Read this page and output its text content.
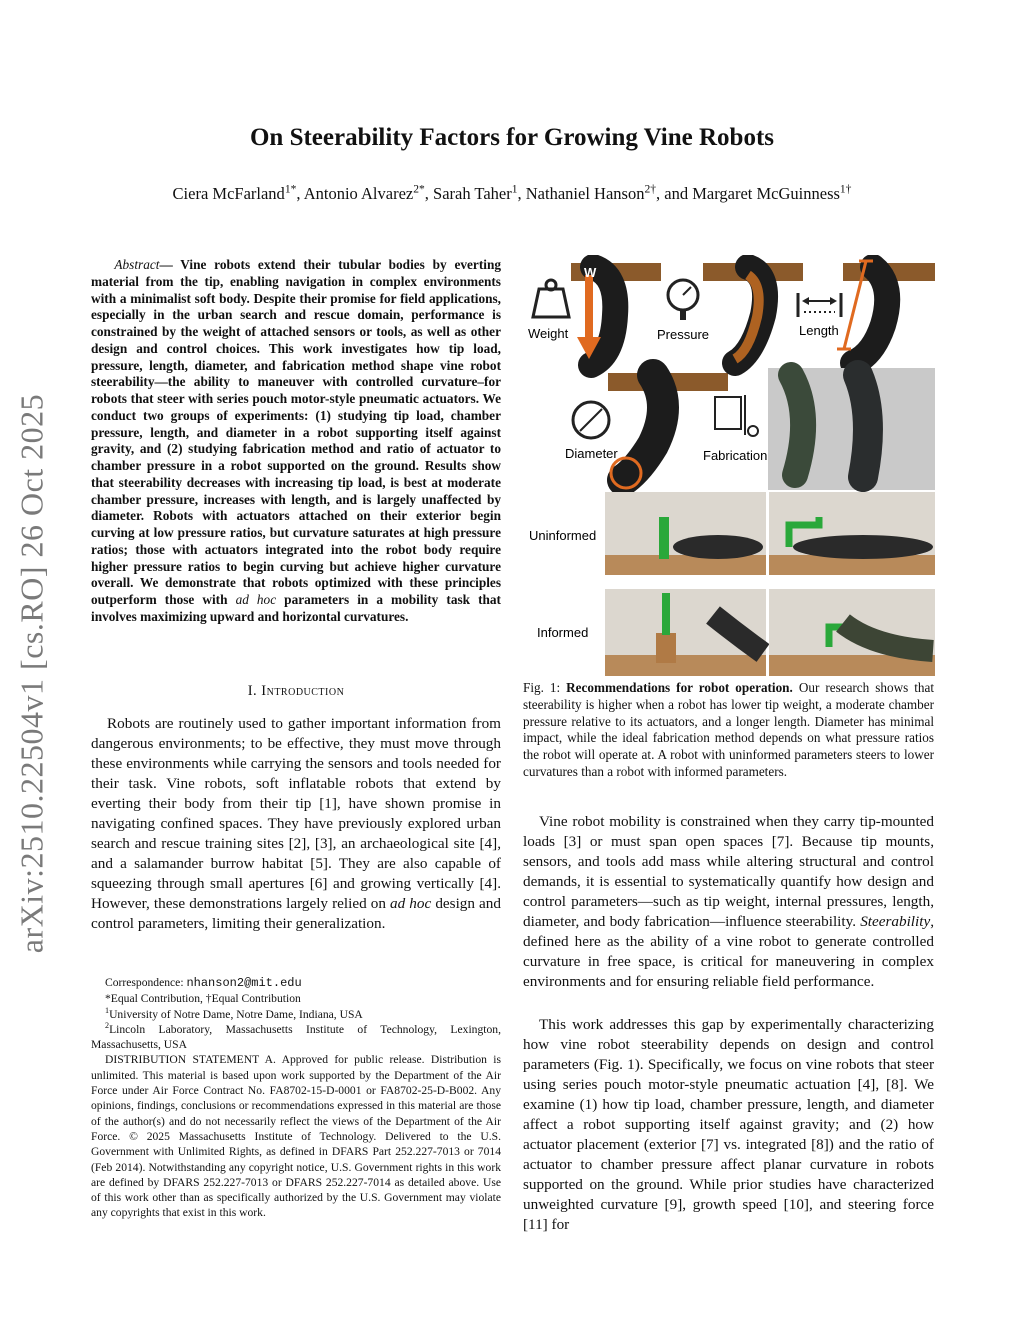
On Steerability Factors for Growing Vine Robots
Ciera McFarland$^{1*}$, Antonio Alvarez$^{2*}$, Sarah Taher$^1$, Nathaniel Hanson$^{2\dagger}$, and Margaret McGuinness$^{1\dagger}$
arXiv:2510.22504v1 [cs.RO] 26 Oct 2025
Abstract— Vine robots extend their tubular bodies by everting material from the tip, enabling navigation in complex environments with a minimalist soft body. Despite their promise for field applications, especially in the urban search and rescue domain, performance is constrained by the weight of attached sensors or tools, as well as other design and control choices. This work investigates how tip load, pressure, length, diameter, and fabrication method shape vine robot steerability—the ability to maneuver with controlled curvature–for robots that steer with series pouch motor-style pneumatic actuators. We conduct two groups of experiments: (1) studying tip load, chamber pressure, length, and diameter in a robot supporting itself against gravity, and (2) studying fabrication method and ratio of actuator to chamber pressure in a robot supported on the ground. Results show that steerability decreases with increasing tip load, is best at moderate chamber pressure, increases with length, and is largely unaffected by diameter. Robots with actuators attached on their exterior begin curving at low pressure ratios, but curvature saturates at high pressure ratios; those with actuators integrated into the robot body require higher pressure ratios to begin curving but achieve higher curvature overall. We demonstrate that robots optimized with these principles outperform those with ad hoc parameters in a mobility task that involves maximizing upward and horizontal curvatures.
I. Introduction
Robots are routinely used to gather important information from dangerous environments; to be effective, they must move through these environments while carrying the sensors and tools needed for their task. Vine robots, soft inflatable robots that extend by everting their body from their tip [1], have shown promise in navigating confined spaces. They have previously explored urban search and rescue training sites [2], [3], an archaeological site [4], and a salamander burrow habitat [5]. They are also capable of squeezing through small apertures [6] and growing vertically [4]. However, these demonstrations largely relied on ad hoc design and control parameters, limiting their generalization.

Correspondence: nhanson2@mit.edu

*Equal Contribution, †Equal Contribution

$^1$University of Notre Dame, Notre Dame, Indiana, USA

$^2$Lincoln Laboratory, Massachusetts Institute of Technology, Lexington, Massachusetts, USA

DISTRIBUTION STATEMENT A. Approved for public release. Distribution is unlimited. This material is based upon work supported by the Department of the Air Force under Air Force Contract No. FA8702-15-D-0001 or FA8702-25-D-B002. Any opinions, findings, conclusions or recommendations expressed in this material are those of the author(s) and do not necessarily reflect the views of the Department of the Air Force. © 2025 Massachusetts Institute of Technology. Delivered to the U.S. Government with Unlimited Rights, as defined in DFARS Part 252.227-7013 or 7014 (Feb 2014). Notwithstanding any copyright notice, U.S. Government rights in this work are defined by DFARS 252.227-7013 or DFARS 252.227-7014 as detailed above. Use of this work other than as specifically authorized by the U.S. Government may violate any copyrights that exist in this work.

W
Weight	Pressure	Length
Diameter	Fabrication
Uninformed
Informed
Fig. 1: Recommendations for robot operation. Our research shows that steerability is higher when a robot has lower tip weight, a moderate chamber pressure relative to its actuators, and a longer length. Diameter has minimal impact, while the ideal fabrication method depends on what pressure ratios the robot will operate at. A robot with uninformed parameters steers to lower curvatures than a robot with informed parameters.
Vine robot mobility is constrained when they carry tip-mounted loads [3] or must span open spaces [7]. Because tip mounts, sensors, and tools add mass while altering structural and control demands, it is essential to systematically quantify how design and control parameters—such as tip weight, internal pressures, length, diameter, and body fabrication—influence steerability. Steerability, defined here as the ability of a vine robot to generate controlled curvature in free space, is critical for maneuvering in complex environments and for ensuring reliable field performance.
This work addresses this gap by experimentally characterizing how vine robot steerability depends on design and control parameters (Fig. 1). Specifically, we focus on vine robots that steer using series pouch motor-style pneumatic actuation [4], [8]. We examine (1) how tip load, chamber pressure, length, and diameter affect a robot supporting itself against gravity; and (2) how actuator placement (exterior [7] vs. integrated [8]) and the ratio of actuator to chamber pressure affect planar curvature in robots supported on the ground. While prior studies have characterized unweighted curvature [9], growth speed [10], and steering force [11] for
